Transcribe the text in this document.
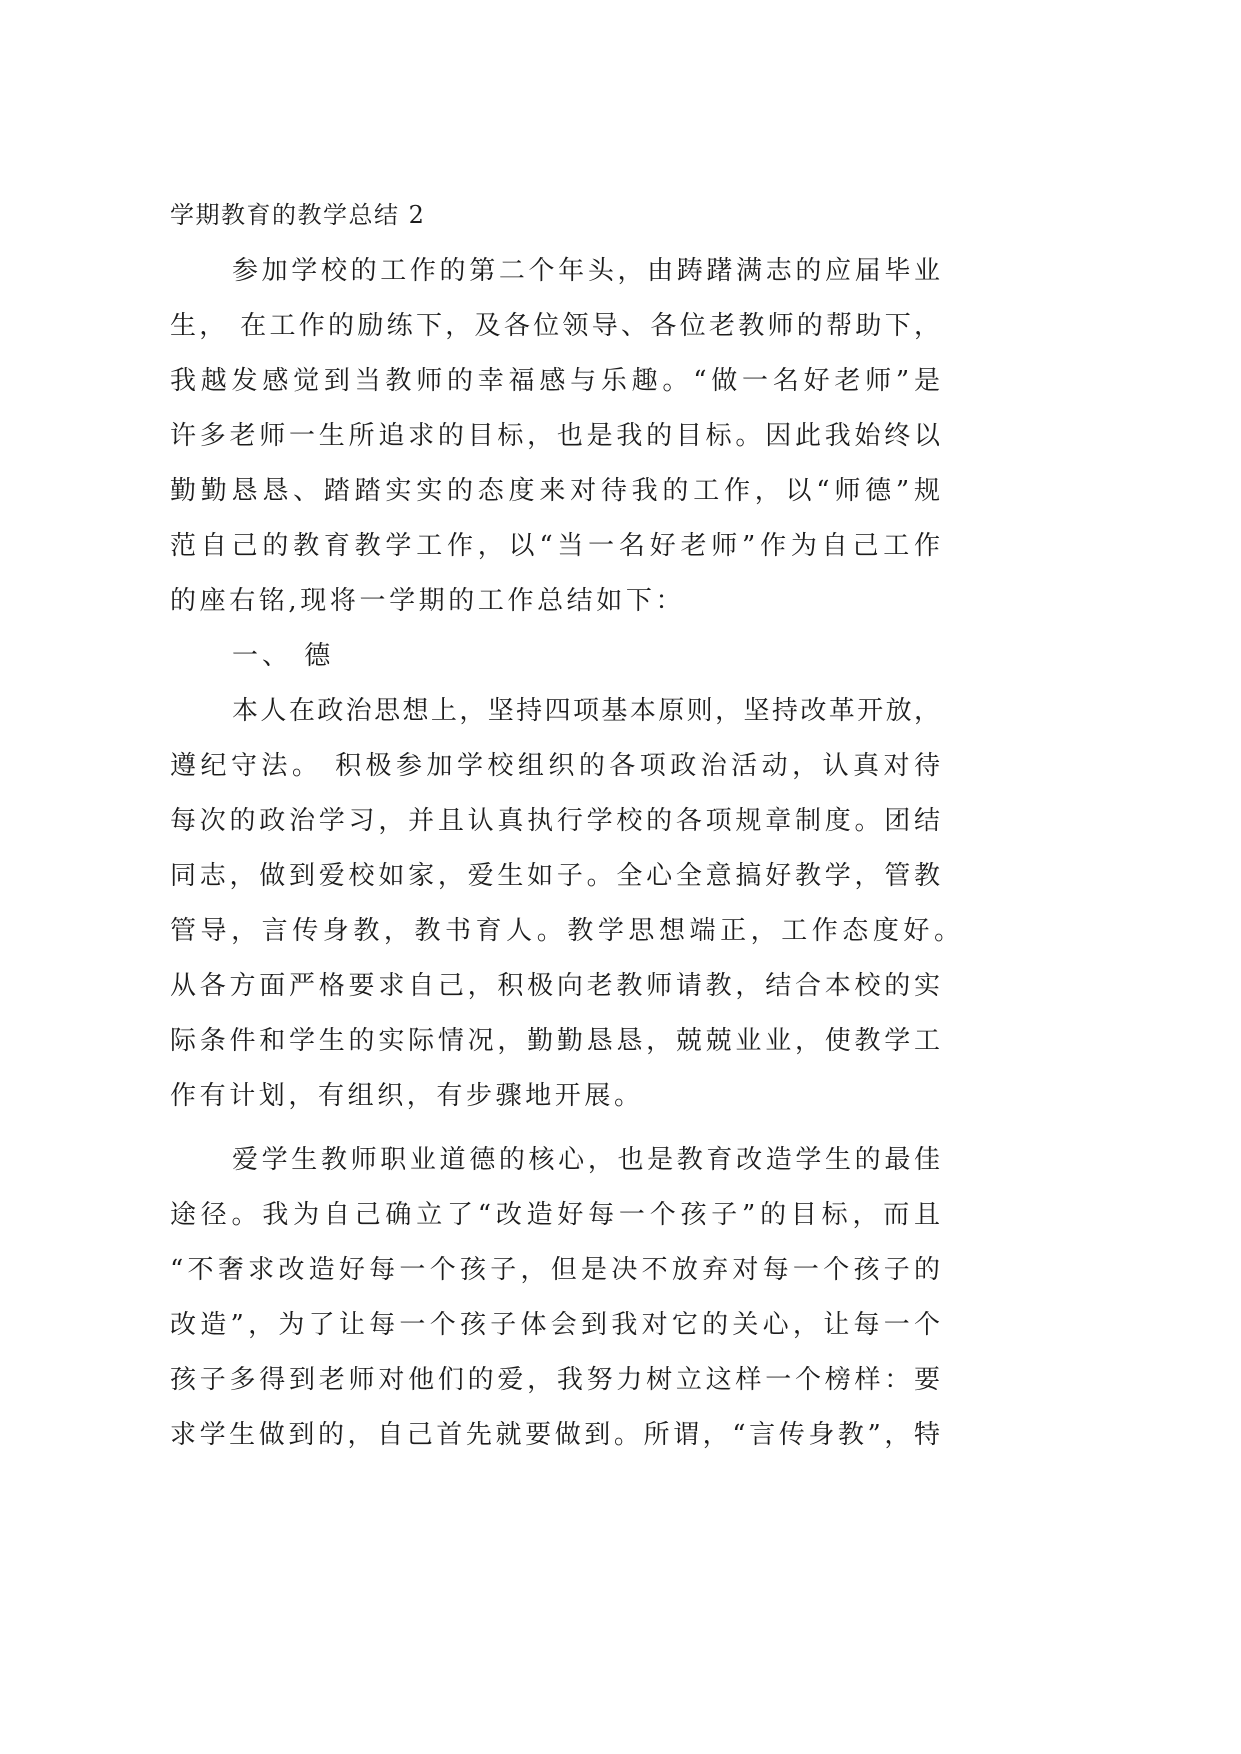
学期教育的教学总结 2
参加学校的工作的第二个年头，由踌躇满志的应届毕业
生， 在工作的励练下，及各位领导、各位老教师的帮助下，
我越发感觉到当教师的幸福感与乐趣。“做一名好老师”是
许多老师一生所追求的目标，也是我的目标。因此我始终以
勤勤恳恳、踏踏实实的态度来对待我的工作，以“师德”规
范自己的教育教学工作，以“当一名好老师”作为自己工作
的座右铭,现将一学期的工作总结如下：
一、 德
本人在政治思想上，坚持四项基本原则，坚持改革开放，
遵纪守法。 积极参加学校组织的各项政治活动，认真对待
每次的政治学习，并且认真执行学校的各项规章制度。团结
同志，做到爱校如家，爱生如子。全心全意搞好教学，管教
管导，言传身教，教书育人。教学思想端正，工作态度好。
从各方面严格要求自己，积极向老教师请教，结合本校的实
际条件和学生的实际情况，勤勤恳恳，兢兢业业，使教学工
作有计划，有组织，有步骤地开展。
爱学生教师职业道德的核心，也是教育改造学生的最佳
途径。我为自己确立了“改造好每一个孩子”的目标，而且
“不奢求改造好每一个孩子，但是决不放弃对每一个孩子的
改造”，为了让每一个孩子体会到我对它的关心，让每一个
孩子多得到老师对他们的爱，我努力树立这样一个榜样：要
求学生做到的，自己首先就要做到。所谓，“言传身教”，特
